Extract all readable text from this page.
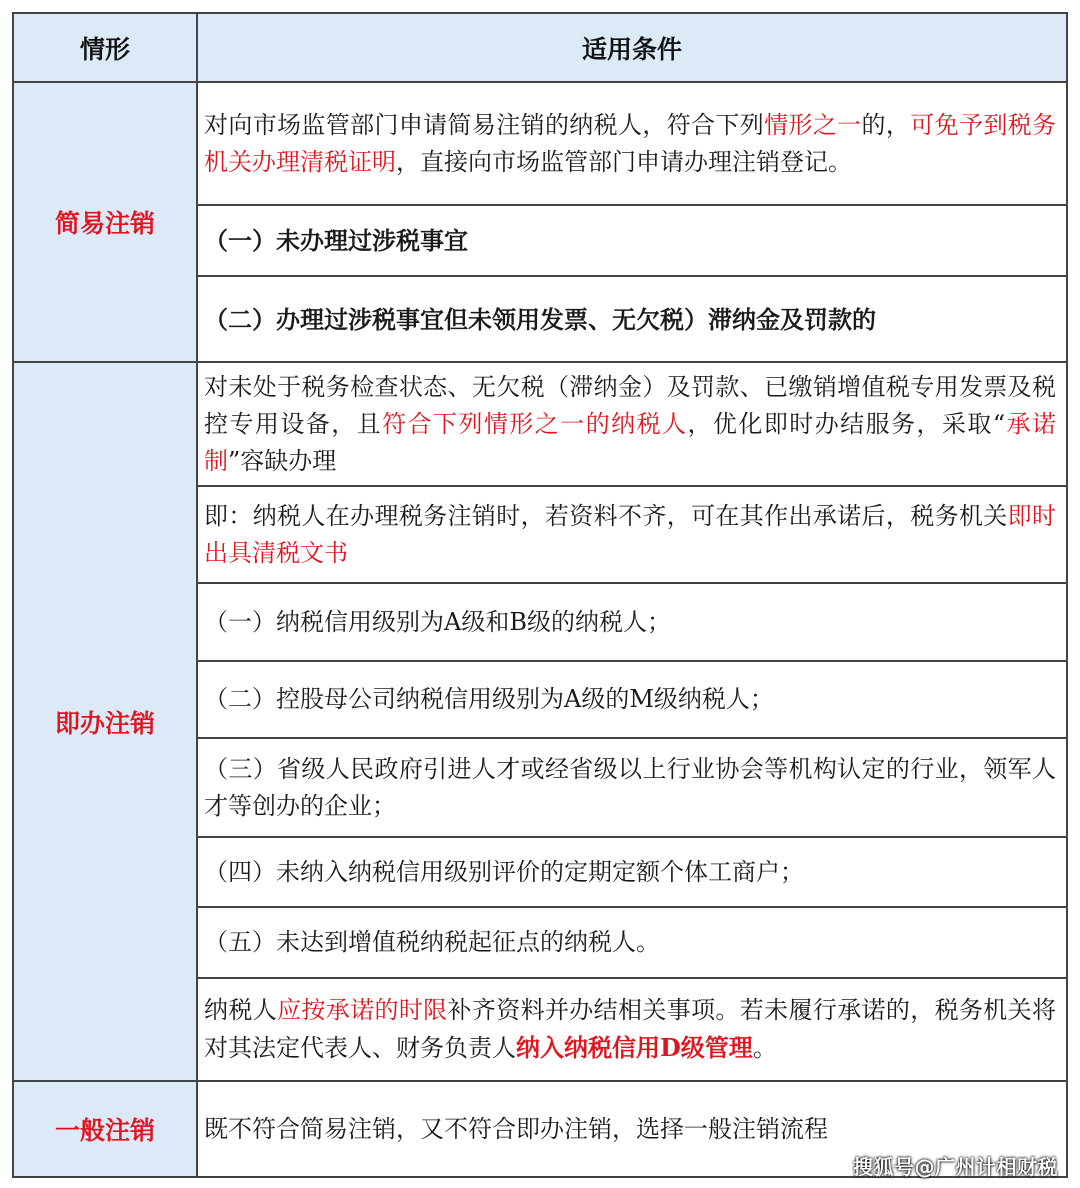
情形	适用条件
简易注销	对向市场监管部门申请简易注销的纳税人，符合下列情形之一的，可免予到税务机关办理清税证明，直接向市场监管部门申请办理注销登记。
	（一）未办理过涉税事宜
	（二）办理过涉税事宜但未领用发票、无欠税）滞纳金及罚款的
即办注销	对未处于税务检查状态、无欠税（滞纳金）及罚款、已缴销增值税专用发票及税控专用设备，且符合下列情形之一的纳税人，优化即时办结服务，采取“承诺制”容缺办理
	即：纳税人在办理税务注销时，若资料不齐，可在其作出承诺后，税务机关即时出具清税文书
	（一）纳税信用级别为A级和B级的纳税人；
	（二）控股母公司纳税信用级别为A级的M级纳税人；
	（三）省级人民政府引进人才或经省级以上行业协会等机构认定的行业，领军人才等创办的企业；
	（四）未纳入纳税信用级别评价的定期定额个体工商户；
	（五）未达到增值税纳税起征点的纳税人。
	纳税人应按承诺的时限补齐资料并办结相关事项。若未履行承诺的，税务机关将对其法定代表人、财务负责人纳入纳税信用D级管理。

一般注销	既不符合简易注销，又不符合即办注销，选择一般注销流程
搜狐号@广州计相财税
